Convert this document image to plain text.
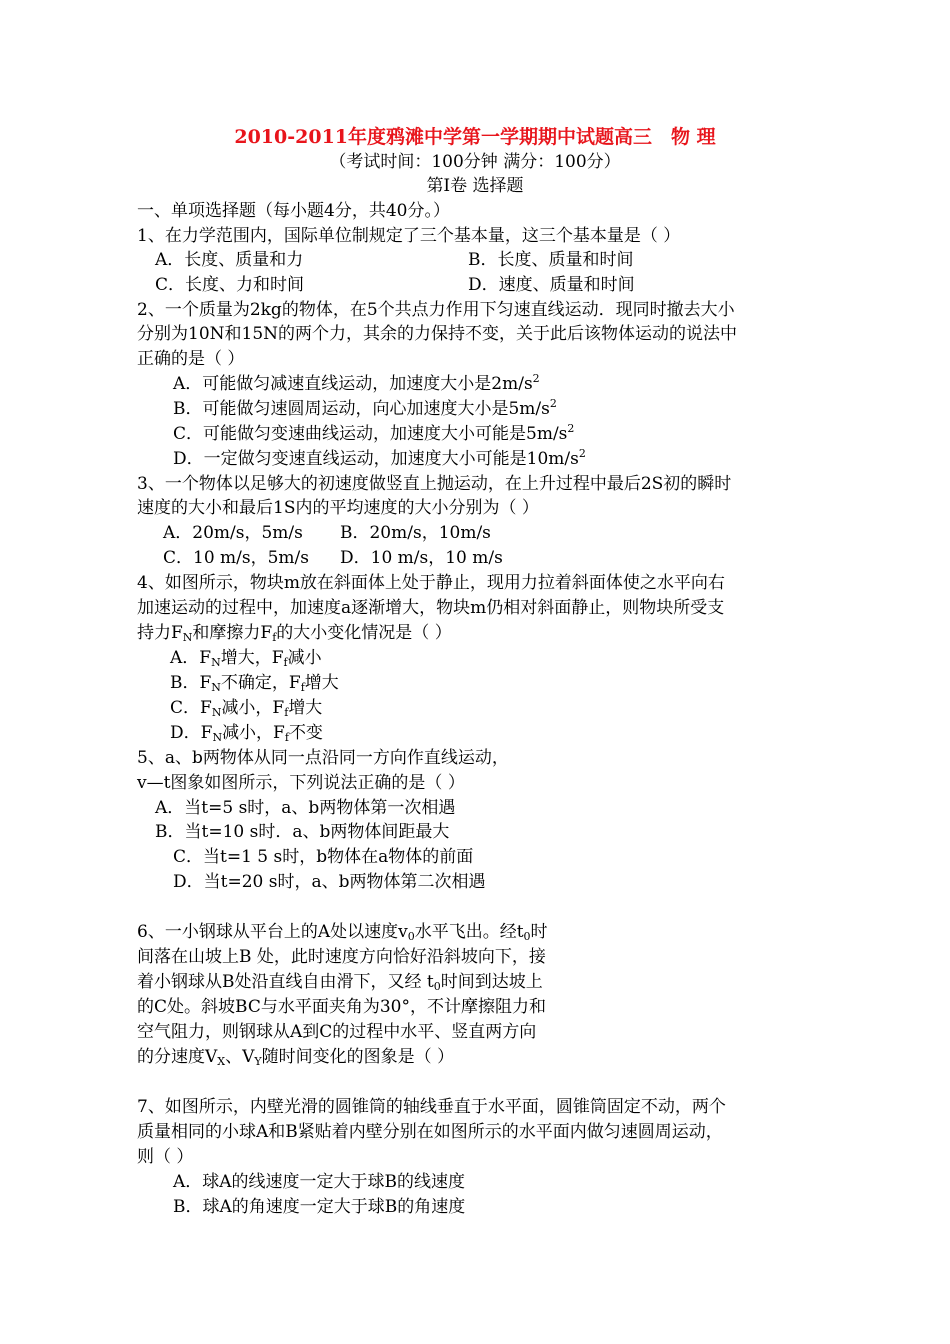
2010-2011年度鸦滩中学第一学期期中试题高三　物 理
（考试时间：100分钟 满分：100分）
第Ⅰ卷 选择题
一、单项选择题（每小题4分，共40分。）
1、在力学范围内，国际单位制规定了三个基本量，这三个基本量是（ ）
A．长度、质量和力	B．长度、质量和时间
C．长度、力和时间	D．速度、质量和时间
2、一个质量为2kg的物体，在5个共点力作用下匀速直线运动．现同时撤去大小
分别为10N和15N的两个力，其余的力保持不变，关于此后该物体运动的说法中
正确的是（ ）
A．可能做匀减速直线运动，加速度大小是$2m/s^2$
B．可能做匀速圆周运动，向心加速度大小是$5m/s^2$
C．可能做匀变速曲线运动，加速度大小可能是$5m/s^2$
D．一定做匀变速直线运动，加速度大小可能是$10m/s^2$
3、一个物体以足够大的初速度做竖直上抛运动，在上升过程中最后2S初的瞬时
速度的大小和最后1S内的平均速度的大小分别为（ ）
A．20m/s，5m/s B．20m/s，10m/s
C．10 m/s，5m/s D．10 m/s，10 m/s
4、如图所示，物块m放在斜面体上处于静止，现用力拉着斜面体使之水平向右
加速运动的过程中，加速度a逐渐增大，物块m仍相对斜面静止，则物块所受支
持力$F_N$和摩擦力$F_f$的大小变化情况是（ ）
A．$F_N$增大，$F_f$减小
B．$F_N$不确定，$F_f$增大
C．$F_N$减小，$F_f$增大
D．$F_N$减小，$F_f$不变
5、a、b两物体从同一点沿同一方向作直线运动，
v—t图象如图所示，下列说法正确的是（ ）
A．当t=5 s时，a、b两物体第一次相遇
B．当t=10 s时．a、b两物体间距最大
C．当t=1 5 s时，b物体在a物体的前面
D．当t=20 s时，a、b两物体第二次相遇
6、一小钢球从平台上的A处以速度$v_0$水平飞出。经$t_0$时
间落在山坡上B 处，此时速度方向恰好沿斜坡向下，接
着小钢球从B处沿直线自由滑下，又经 $t_0$时间到达坡上
的C处。斜坡BC与水平面夹角为30°，不计摩擦阻力和
空气阻力，则钢球从A到C的过程中水平、竖直两方向
的分速度$V_X$、$V_Y$随时间变化的图象是（ ）
7、如图所示，内壁光滑的圆锥筒的轴线垂直于水平面，圆锥筒固定不动，两个
质量相同的小球A和B紧贴着内壁分别在如图所示的水平面内做匀速圆周运动，
则（ ）
A．球A的线速度一定大于球B的线速度
B．球A的角速度一定大于球B的角速度
